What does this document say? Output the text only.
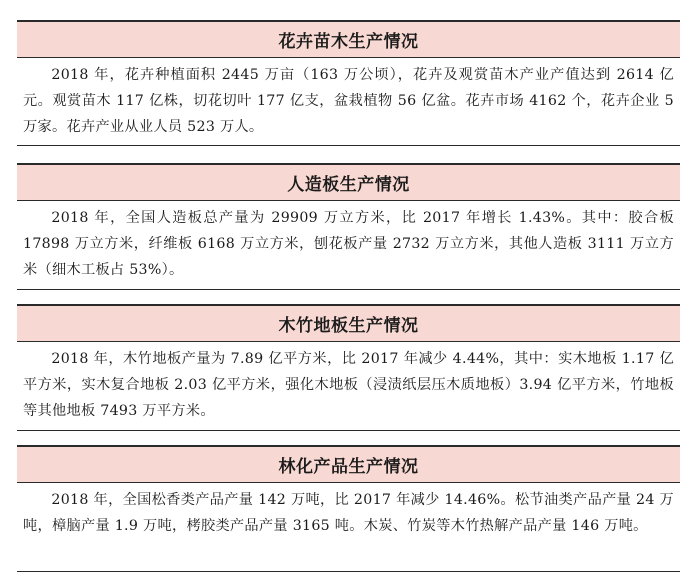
花卉苗木生产情况
2018 年，花卉种植面积 2445 万亩（163 万公顷），花卉及观赏苗木产业产值达到 2614 亿元。观赏苗木 117 亿株，切花切叶 177 亿支，盆栽植物 56 亿盆。花卉市场 4162 个，花卉企业 5 万家。花卉产业从业人员 523 万人。
人造板生产情况
2018 年，全国人造板总产量为 29909 万立方米，比 2017 年增长 1.43%。其中：胶合板 17898 万立方米，纤维板 6168 万立方米，刨花板产量 2732 万立方米，其他人造板 3111 万立方米（细木工板占 53%）。
木竹地板生产情况
2018 年，木竹地板产量为 7.89 亿平方米，比 2017 年减少 4.44%，其中：实木地板 1.17 亿平方米，实木复合地板 2.03 亿平方米，强化木地板（浸渍纸层压木质地板）3.94 亿平方米，竹地板等其他地板 7493 万平方米。
林化产品生产情况
2018 年，全国松香类产品产量 142 万吨，比 2017 年减少 14.46%。松节油类产品产量 24 万吨，樟脑产量 1.9 万吨，栲胶类产品产量 3165 吨。木炭、竹炭等木竹热解产品产量 146 万吨。
